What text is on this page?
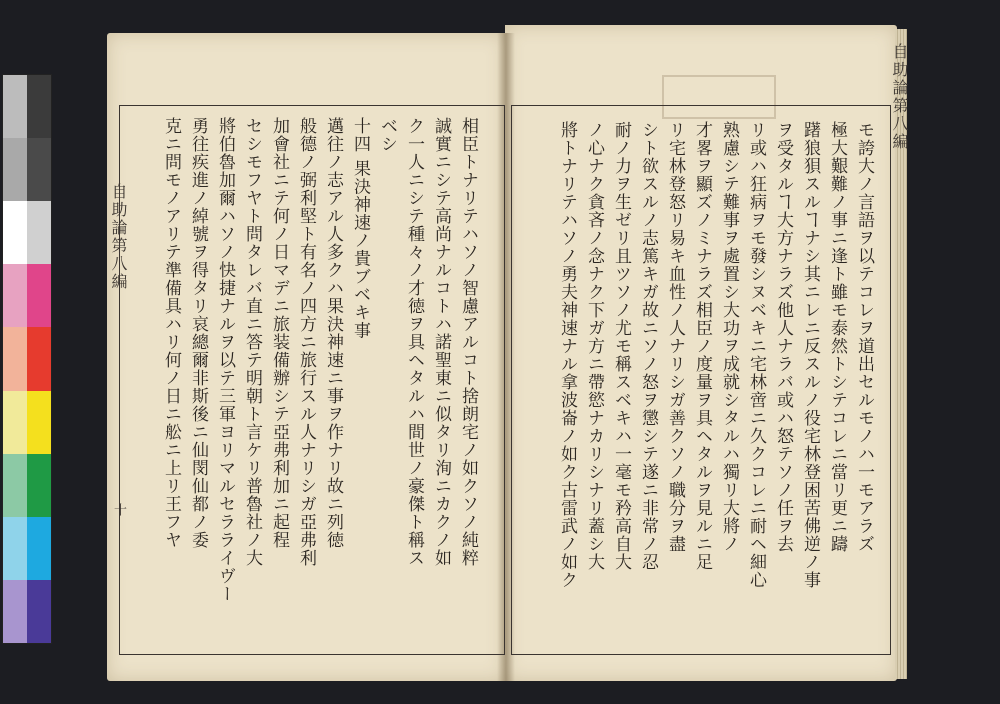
自助論第八編
十
自助論第八編
相臣トナリテハソノ智慮アルコト捨朗宅ノ如クソノ純粹
誠實ニシテ高尚ナルコトハ諾聖東ニ似タリ洵ニカクノ如
ク一人ニシテ種々ノ才徳ヲ具ヘタルハ間世ノ豪傑ト稱ス
ベシ
十四 果決神速ノ貴ブベキ事
邁往ノ志アル人多クハ果決神速ニ事ヲ作ナリ故ニ列徳
般德ノ弼利堅ト有名ノ四方ニ旅行スル人ナリシガ亞弗利
加會社ニテ何ノ日マデニ旅装備辦シテ亞弗利加ニ起程
セシモフヤト問タレバ直ニ答テ明朝ト言ケリ普魯社ノ大
將伯魯加爾ハソノ快捷ナルヲ以テ三軍ヨリマルセラライヴー
勇往疾進ノ綽號ヲ得タリ哀總爾非斯後ニ仙閔仙都ノ委
克ニ問モノアリテ準備具ハリ何ノ日ニ舩ニ上リ王フヤ	モ誇大ノ言語ヲ以テコレヲ道出セルモノハ一モアラズ
極大艱難ノ事ニ逢ト雖モ泰然トシテコレニ當リ更ニ躊
躇狼狽スルヿナシ其ニレニ反スルノ役宅林登困苦佛逆ノ事
ヲ受タルヿ大方ナラズ他人ナラバ或ハ怒テソノ任ヲ去
リ或ハ狂病ヲモ發シヌベキニ宅林啻ニ久クコレニ耐ヘ細心
熟慮シテ難事ヲ處置シ大功ヲ成就シタルハ獨リ大將ノ
才畧ヲ顯ズノミナラズ相臣ノ度量ヲ具ヘタルヲ見ルニ足
リ宅林登怒リ易キ血性ノ人ナリシガ善クソノ職分ヲ盡
シト欲スルノ志篤キガ故ニソノ怒ヲ懲シテ遂ニ非常ノ忍
耐ノ力ヲ生ゼリ且ツソノ尤モ稱スベキハ一毫モ矜高自大
ノ心ナク貪吝ノ念ナク下ガ方ニ帶慾ナカリシナリ蓋シ大
將トナリテハソノ勇夫神速ナル拿波崙ノ如ク古雷武ノ如ク
